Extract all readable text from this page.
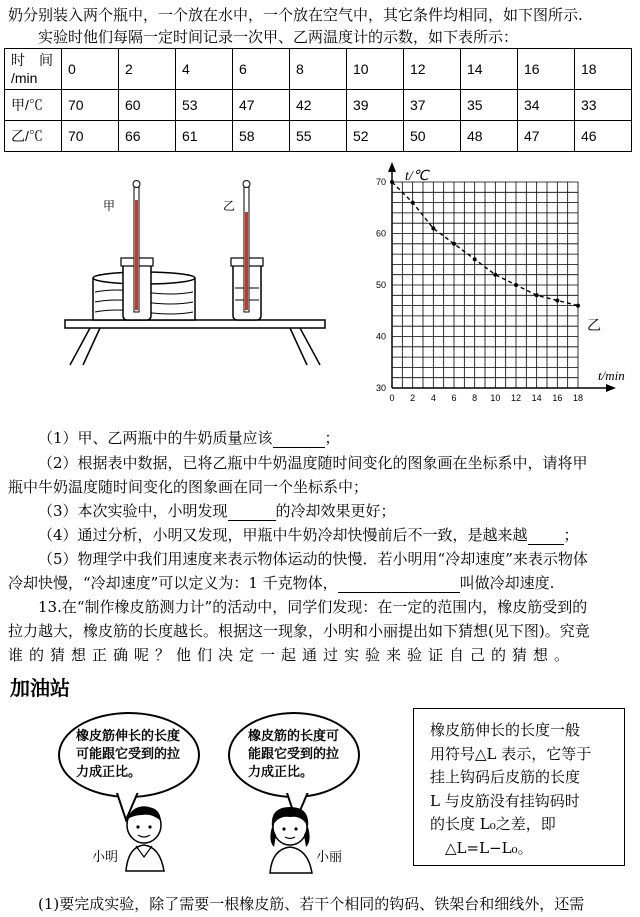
奶分别装入两个瓶中，一个放在水中，一个放在空气中，其它条件均相同，如下图所示.
实验时他们每隔一定时间记录一次甲、乙两温度计的示数，如下表所示：
时　间
/min	0	2	4	6	8	10	12	14	16	18
甲/℃	70	60	53	47	42	39	37	35	34	33
乙/℃	70	66	61	58	55	52	50	48	47	46
甲	乙
0 2 4 6 8 10 12 14 16 18
30
40
50
60
70 t/℃
t/min
乙
（1）甲、乙两瓶中的牛奶质量应该	；
（2）根据表中数据，已将乙瓶中牛奶温度随时间变化的图象画在坐标系中，请将甲
瓶中牛奶温度随时间变化的图象画在同一个坐标系中；
（3）本次实验中，小明发现	的冷却效果更好；
（4）通过分析，小明又发现，甲瓶中牛奶冷却快慢前后不一致，是越来越 ；
（5）物理学中我们用速度来表示物体运动的快慢．若小明用“冷却速度”来表示物体
冷却快慢，“冷却速度”可以定义为：1 千克物体，	叫做冷却速度.
13.在“制作橡皮筋测力计”的活动中，同学们发现：在一定的范围内，橡皮筋受到的
拉力越大，橡皮筋的长度越长。根据这一现象，小明和小丽提出如下猜想(见下图)。究竟
谁的猜想正确呢？他们决定一起通过实验来验证自己的猜想。
加油站
橡皮筋伸长的长度
可能跟它受到的拉
力成正比。
橡皮筋的长度可
能跟它受到的拉
力成正比。
小明	小丽
橡皮筋伸长的长度一般
用符号△L 表示，它等于
挂上钩码后皮筋的长度
L 与皮筋没有挂钩码时
的长度 L₀之差，即
　△L=L−L₀。
(1)要完成实验，除了需要一根橡皮筋、若干个相同的钩码、铁架台和细线外，还需
